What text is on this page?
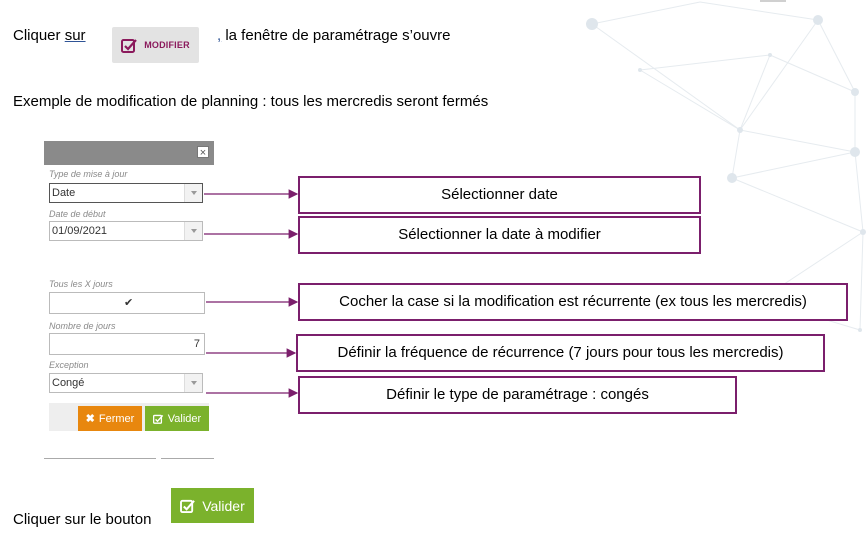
Cliquer sur
MODIFIER
, la fenêtre de paramétrage s’ouvre
Exemple de modification de planning : tous les mercredis seront fermés
×
Type de mise à jour
Date
Date de début
01/09/2021
Tous les X jours
✔
Nombre de jours
7
Exception
Congé
✖ Fermer	Valider
Sélectionner date
Sélectionner la date à modifier
Cocher la case si la modification est récurrente (ex tous les mercredis)
Définir la fréquence de récurrence (7 jours pour tous les mercredis)
Définir le type de paramétrage : congés
Cliquer sur le bouton
Valider
